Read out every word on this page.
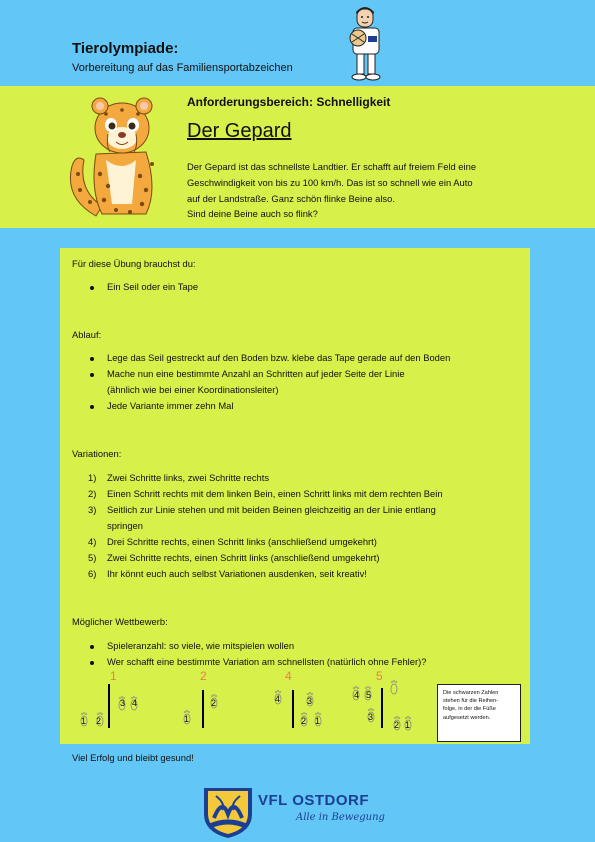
Tierolympiade:
Vorbereitung auf das Familiensportabzeichen
Anforderungsbereich: Schnelligkeit
Der Gepard
Der Gepard ist das schnellste Landtier. Er schafft auf freiem Feld eine
Geschwindigkeit von bis zu 100 km/h. Das ist so schnell wie ein Auto
auf der Landstraße. Ganz schön flinke Beine also.
Sind deine Beine auch so flink?
Für diese Übung brauchst du:
Ein Seil oder ein Tape
Ablauf:
Lege das Seil gestreckt auf den Boden bzw. klebe das Tape gerade auf den Boden
Mache nun eine bestimmte Anzahl an Schritten auf jeder Seite der Linie
(ähnlich wie bei einer Koordinationsleiter)
Jede Variante immer zehn Mal
Variationen:
1) Zwei Schritte links, zwei Schritte rechts
2) Einen Schritt rechts mit dem linken Bein, einen Schritt links mit dem rechten Bein
3) Seitlich zur Linie stehen und mit beiden Beinen gleichzeitig an der Linie entlang
springen
4) Drei Schritte rechts, einen Schritt links (anschließend umgekehrt)
5) Zwei Schritte rechts, einen Schritt links (anschließend umgekehrt)
6) Ihr könnt euch auch selbst Variationen ausdenken, seit kreativ!
Möglicher Wettbewerb:
Spieleranzahl: so viele, wie mitspielen wollen
Wer schafft eine bestimmte Variation am schnellsten (natürlich ohne Fehler)?
1	2	4	5
1 2
3 4
1
2	4	3
2 1
4 5
3
2 1
Die schwarzen Zahlen
stehen für die Reihen-
folge, in der die Füße
aufgesetzt werden.
Viel Erfolg und bleibt gesund!
VFL OSTDORF
Alle in Bewegung
